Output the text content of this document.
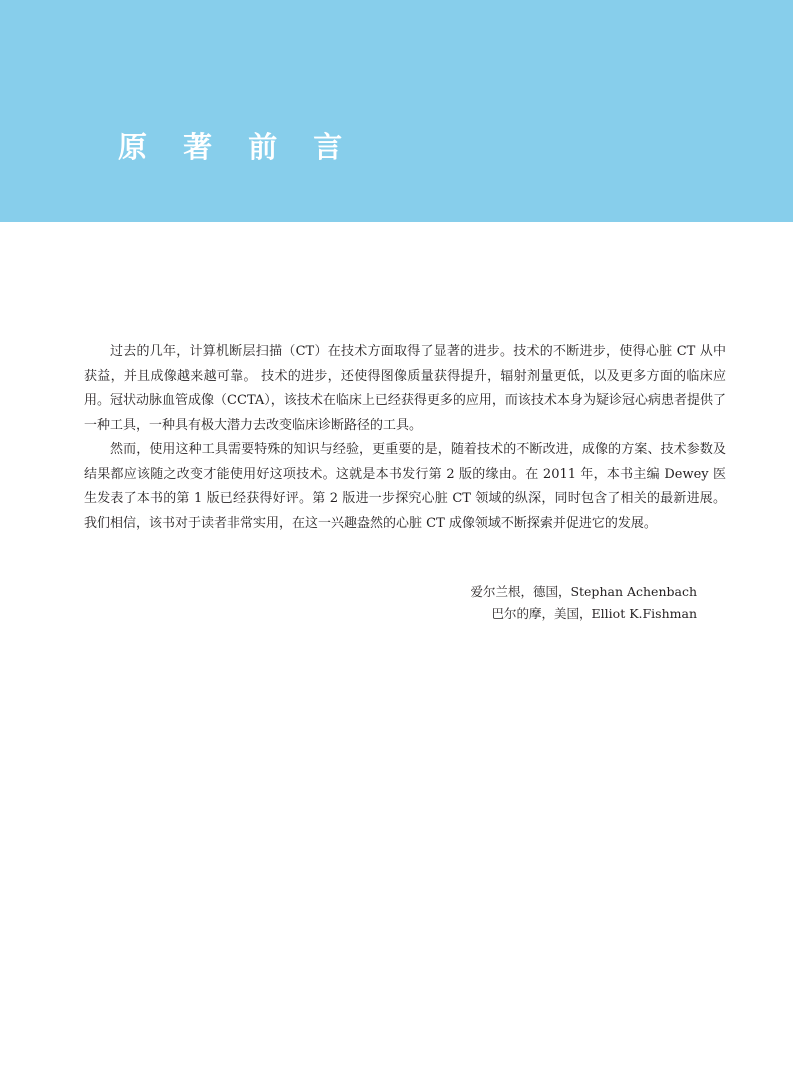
原 著 前 言

过去的几年，计算机断层扫描（CT）在技术方面取得了显著的进步。技术的不断进步，使得心脏 CT 从中获益，并且成像越来越可靠。 技术的进步，还使得图像质量获得提升，辐射剂量更低，以及更多方面的临床应用。冠状动脉血管成像（CCTA），该技术在临床上已经获得更多的应用，而该技术本身为疑诊冠心病患者提供了一种工具，一种具有极大潜力去改变临床诊断路径的工具。

然而，使用这种工具需要特殊的知识与经验，更重要的是，随着技术的不断改进，成像的方案、技术参数及结果都应该随之改变才能使用好这项技术。这就是本书发行第 2 版的缘由。在 2011 年，本书主编 Dewey 医生发表了本书的第 1 版已经获得好评。第 2 版进一步探究心脏 CT 领域的纵深，同时包含了相关的最新进展。我们相信，该书对于读者非常实用，在这一兴趣盎然的心脏 CT 成像领域不断探索并促进它的发展。

爱尔兰根，德国，Stephan Achenbach
巴尔的摩，美国，Elliot K.Fishman
